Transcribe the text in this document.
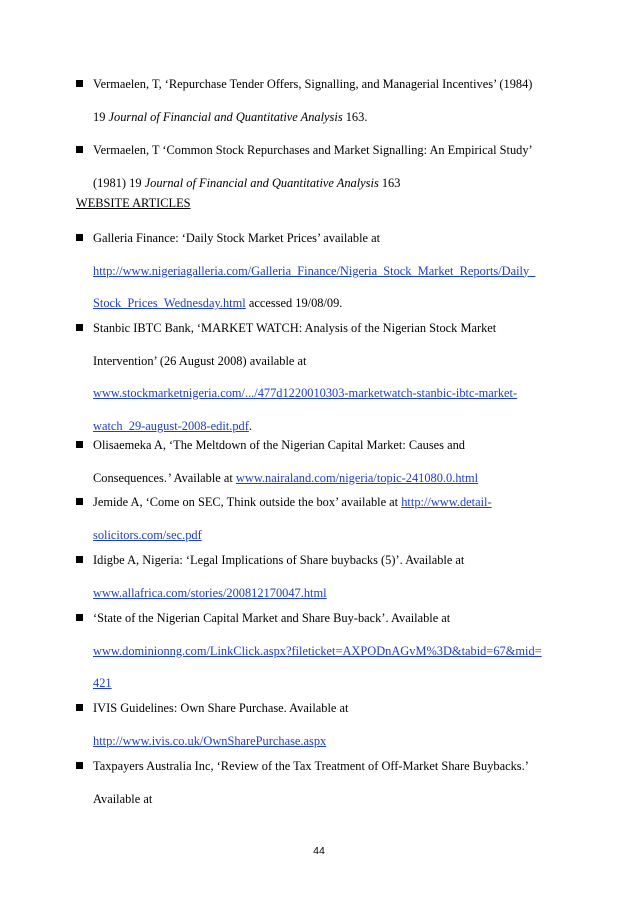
Vermaelen, T, ‘Repurchase Tender Offers, Signalling, and Managerial Incentives’ (1984)
19 Journal of Financial and Quantitative Analysis 163.
Vermaelen, T ‘Common Stock Repurchases and Market Signalling: An Empirical Study’
(1981) 19 Journal of Financial and Quantitative Analysis 163
WEBSITE ARTICLES
Galleria Finance: ‘Daily Stock Market Prices’ available at
http://www.nigeriagalleria.com/Galleria_Finance/Nigeria_Stock_Market_Reports/Daily_
Stock_Prices_Wednesday.html accessed 19/08/09.
Stanbic IBTC Bank, ‘MARKET WATCH: Analysis of the Nigerian Stock Market
Intervention’ (26 August 2008) available at
www.stockmarketnigeria.com/.../477d1220010303-marketwatch-stanbic-ibtc-market-
watch_29-august-2008-edit.pdf.
Olisaemeka A, ‘The Meltdown of the Nigerian Capital Market: Causes and
Consequences.’ Available at www.nairaland.com/nigeria/topic-241080.0.html
Jemide A, ‘Come on SEC, Think outside the box’ available at http://www.detail-
solicitors.com/sec.pdf
Idigbe A, Nigeria: ‘Legal Implications of Share buybacks (5)’. Available at
www.allafrica.com/stories/200812170047.html
‘State of the Nigerian Capital Market and Share Buy-back’. Available at
www.dominionng.com/LinkClick.aspx?fileticket=AXPODnAGvM%3D&tabid=67&mid=
421
IVIS Guidelines: Own Share Purchase. Available at
http://www.ivis.co.uk/OwnSharePurchase.aspx
Taxpayers Australia Inc, ‘Review of the Tax Treatment of Off-Market Share Buybacks.’
Available at
44
